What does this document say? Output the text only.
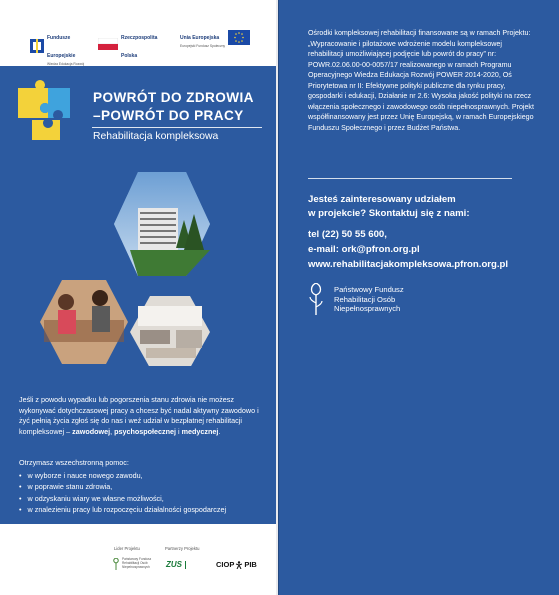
Fundusze
Europejskie
Wiedza Edukacja Rozwój
Rzeczpospolita
Polska
Unia Europejska
Europejski Fundusz Społeczny
POWRÓT DO ZDROWIA
–POWRÓT DO PRACY
Rehabilitacja kompleksowa
Jeśli z powodu wypadku lub pogorszenia stanu zdrowia nie możesz wykonywać dotychczasowej pracy a chcesz być nadal aktywny zawodowo i żyć pełnią życia zgłoś się do nas i weź udział w bezpłatnej rehabilitacji kompleksowej – zawodowej, psychospołecznej i medycznej.
Otrzymasz wszechstronną pomoc:
• w wyborze i nauce nowego zawodu,
• w poprawie stanu zdrowia,
• w odzyskaniu wiary we własne możliwości,
• w znalezieniu pracy lub rozpoczęciu działalności gospodarczej
Lider Projektu	Partnerzy Projektu
Państwowy Fundusz Rehabilitacji Osób Niepełnosprawnych	ZUS	CIOP PIB
Ośrodki kompleksowej rehabilitacji finansowane są w ramach Projektu: „Wypracowanie i pilotażowe wdrożenie modelu kompleksowej rehabilitacji umożliwiającej podjęcie lub powrót do pracy” nr: POWR.02.06.00-00-0057/17 realizowanego w ramach Programu Operacyjnego Wiedza Edukacja Rozwój POWER 2014-2020, Oś Priorytetowa nr II: Efektywne polityki publiczne dla rynku pracy, gospodarki i edukacji, Działanie nr 2.6: Wysoka jakość polityki na rzecz włączenia społecznego i zawodowego osób niepełnosprawnych. Projekt współfinansowany jest przez Unię Europejską, w ramach Europejskiego Funduszu Społecznego i przez Budżet Państwa.
Jesteś zainteresowany udziałem
w projekcie? Skontaktuj się z nami:
tel (22) 50 55 600,
e-mail: ork@pfron.org.pl
www.rehabilitacjakompleksowa.pfron.org.pl
Państwowy Fundusz
Rehabilitacji Osób
Niepełnosprawnych
